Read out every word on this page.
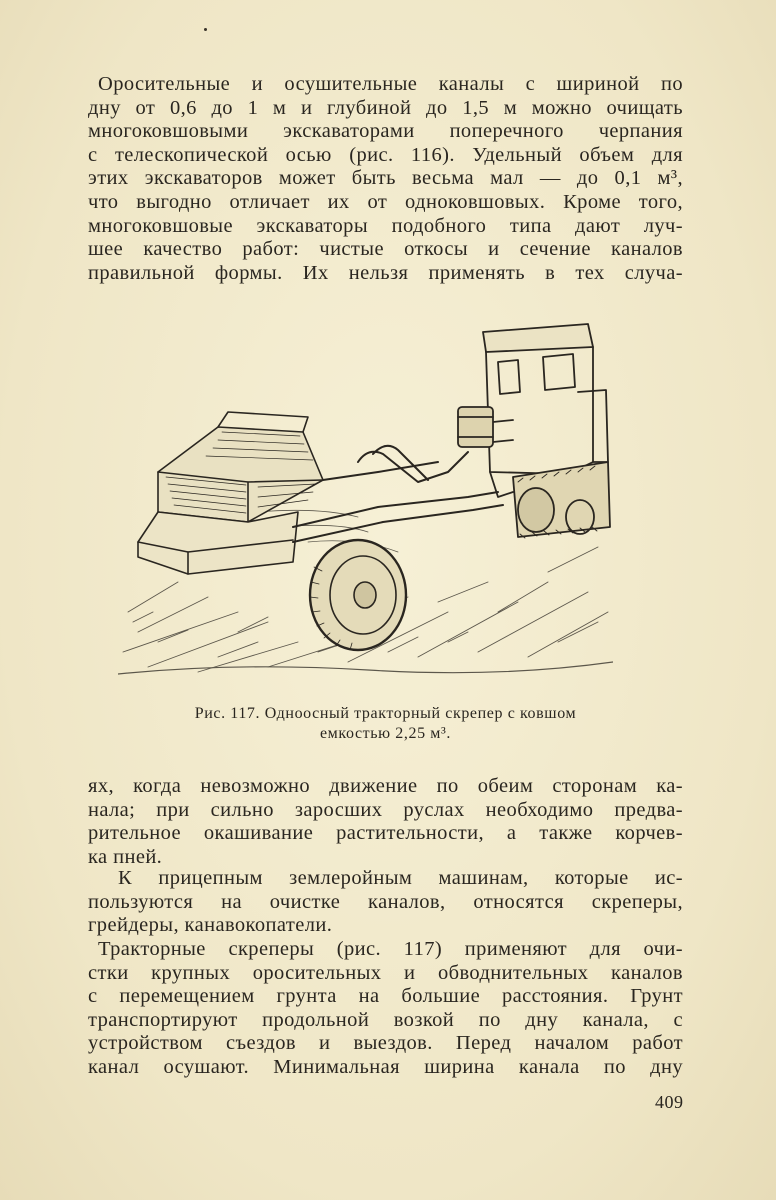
Оросительные и осушительные каналы с шириной по
дну от 0,6 до 1 м и глубиной до 1,5 м можно очищать
многоковшовыми экскаваторами поперечного черпания
с телескопической осью (рис. 116). Удельный объем для
этих экскаваторов может быть весьма мал — до 0,1 м³,
что выгодно отличает их от одноковшовых. Кроме того,
многоковшовые экскаваторы подобного типа дают луч-
шее качество работ: чистые откосы и сечение каналов
правильной формы. Их нельзя применять в тех случа-
Рис. 117. Одноосный тракторный скрепер с ковшом
емкостью 2,25 м³.
ях, когда невозможно движение по обеим сторонам ка-
нала; при сильно заросших руслах необходимо предва-
рительное окашивание растительности, а также корчев-
ка пней.
К прицепным землеройным машинам, которые ис-
пользуются на очистке каналов, относятся скреперы,
грейдеры, канавокопатели.
Тракторные скреперы (рис. 117) применяют для очи-
стки крупных оросительных и обводнительных каналов
с перемещением грунта на большие расстояния. Грунт
транспортируют продольной возкой по дну канала, с
устройством съездов и выездов. Перед началом работ
канал осушают. Минимальная ширина канала по дну
409
